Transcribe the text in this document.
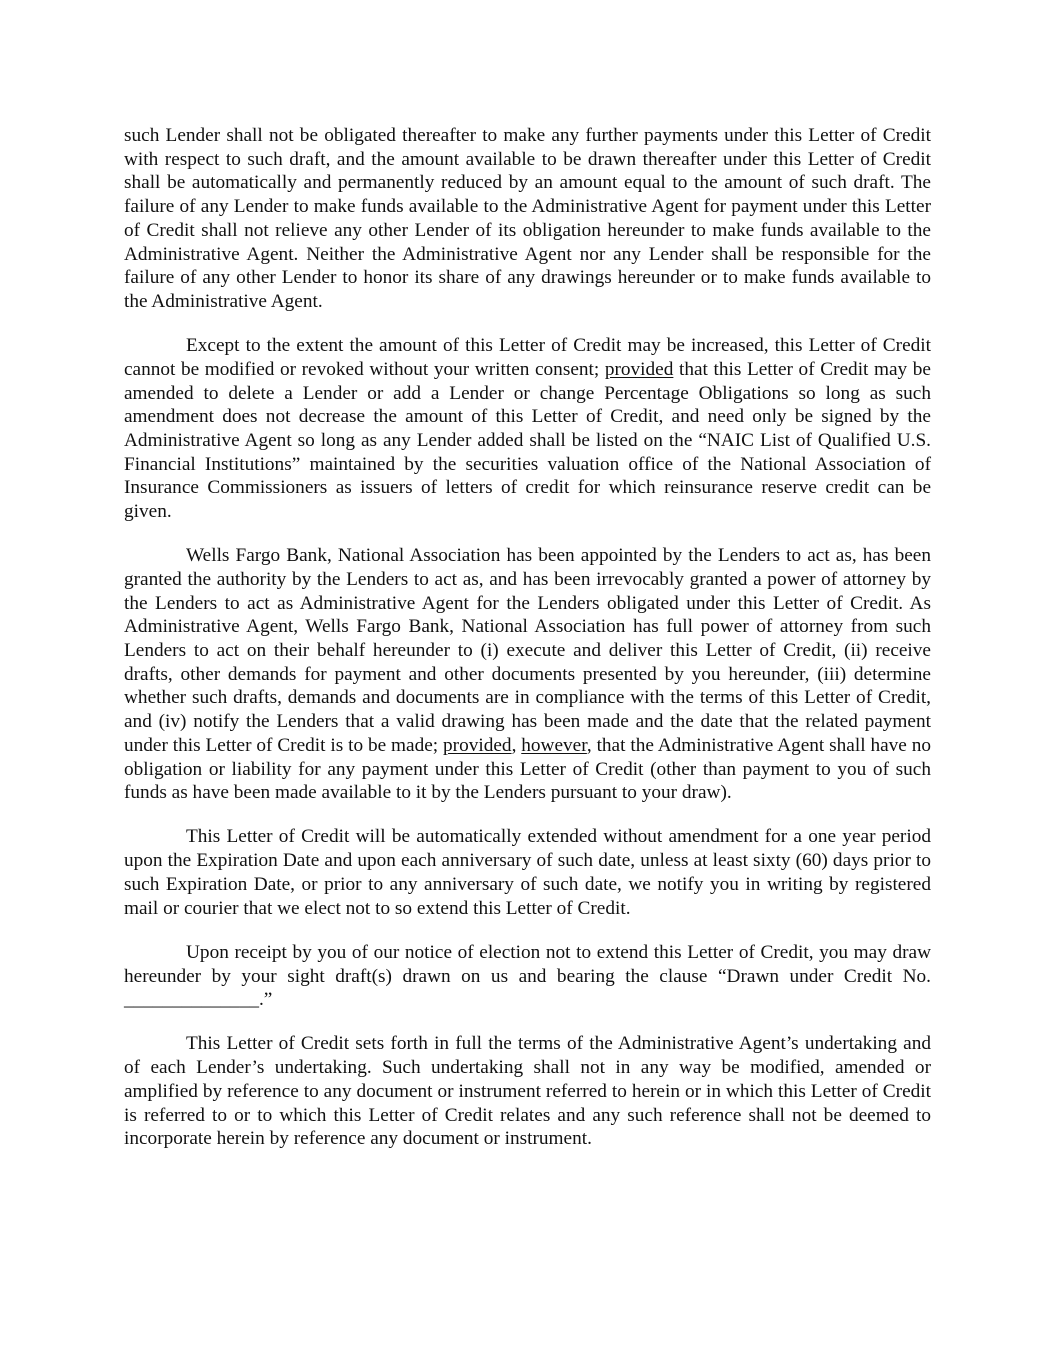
such Lender shall not be obligated thereafter to make any further payments under this Letter of Credit with respect to such draft, and the amount available to be drawn thereafter under this Letter of Credit shall be automatically and permanently reduced by an amount equal to the amount of such draft. The failure of any Lender to make funds available to the Administrative Agent for payment under this Letter of Credit shall not relieve any other Lender of its obligation hereunder to make funds available to the Administrative Agent. Neither the Administrative Agent nor any Lender shall be responsible for the failure of any other Lender to honor its share of any drawings hereunder or to make funds available to the Administrative Agent.

Except to the extent the amount of this Letter of Credit may be increased, this Letter of Credit cannot be modified or revoked without your written consent; provided that this Letter of Credit may be amended to delete a Lender or add a Lender or change Percentage Obligations so long as such amendment does not decrease the amount of this Letter of Credit, and need only be signed by the Administrative Agent so long as any Lender added shall be listed on the “NAIC List of Qualified U.S. Financial Institutions” maintained by the securities valuation office of the National Association of Insurance Commissioners as issuers of letters of credit for which reinsurance reserve credit can be given.

Wells Fargo Bank, National Association has been appointed by the Lenders to act as, has been granted the authority by the Lenders to act as, and has been irrevocably granted a power of attorney by the Lenders to act as Administrative Agent for the Lenders obligated under this Letter of Credit. As Administrative Agent, Wells Fargo Bank, National Association has full power of attorney from such Lenders to act on their behalf hereunder to (i) execute and deliver this Letter of Credit, (ii) receive drafts, other demands for payment and other documents presented by you hereunder, (iii) determine whether such drafts, demands and documents are in compliance with the terms of this Letter of Credit, and (iv) notify the Lenders that a valid drawing has been made and the date that the related payment under this Letter of Credit is to be made; provided, however, that the Administrative Agent shall have no obligation or liability for any payment under this Letter of Credit (other than payment to you of such funds as have been made available to it by the Lenders pursuant to your draw).

This Letter of Credit will be automatically extended without amendment for a one year period upon the Expiration Date and upon each anniversary of such date, unless at least sixty (60) days prior to such Expiration Date, or prior to any anniversary of such date, we notify you in writing by registered mail or courier that we elect not to so extend this Letter of Credit.

Upon receipt by you of our notice of election not to extend this Letter of Credit, you may draw hereunder by your sight draft(s) drawn on us and bearing the clause “Drawn under Credit No. ______________.”

This Letter of Credit sets forth in full the terms of the Administrative Agent’s undertaking and of each Lender’s undertaking. Such undertaking shall not in any way be modified, amended or amplified by reference to any document or instrument referred to herein or in which this Letter of Credit is referred to or to which this Letter of Credit relates and any such reference shall not be deemed to incorporate herein by reference any document or instrument.
